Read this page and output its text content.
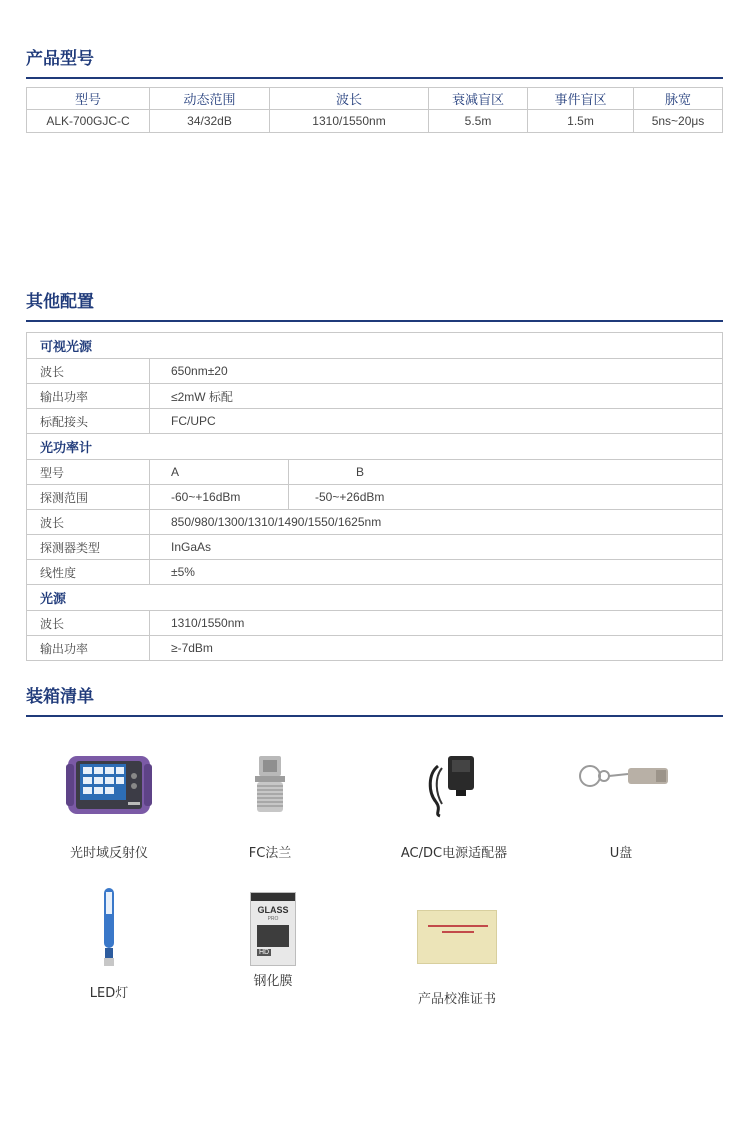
产品型号
型号	动态范围	波长	衰减盲区	事件盲区	脉宽
ALK-700GJC-C	34/32dB	1310/1550nm	5.5m	1.5m	5ns~20μs
其他配置
可视光源		
波长	650nm±20	
输出功率	≤2mW 标配	
标配接头	FC/UPC	
光功率计		
型号	A	B
探测范围	-60~+16dBm	-50~+26dBm
波长	850/980/1300/1310/1490/1550/1625nm	
探测器类型	InGaAs	
线性度	±5%	
光源		
波长	1310/1550nm	
输出功率	≥-7dBm	
装箱清单
光时域反射仪	FC法兰	AC/DC电源适配器	U盘
LED灯
GLASS
PRO
HD
钢化膜
产品校准证书
